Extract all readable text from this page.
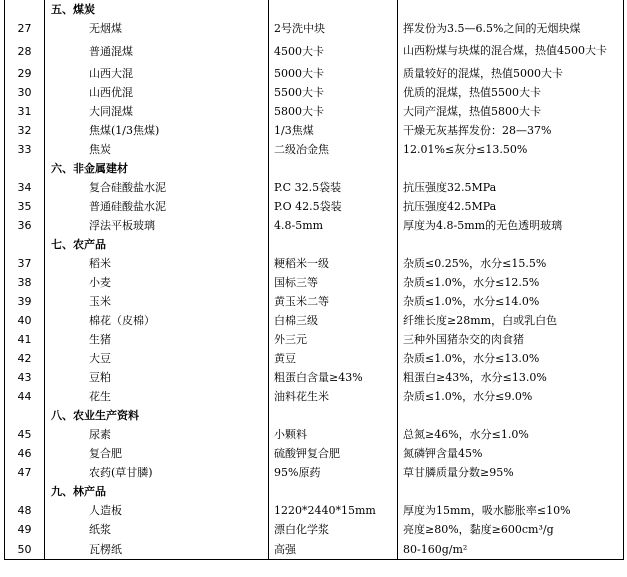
	五、煤炭		
27	无烟煤	2号洗中块	挥发份为3.5—6.5%之间的无烟块煤
28	普通混煤	4500大卡	山西粉煤与块煤的混合煤，热值4500大卡
29	山西大混	5000大卡	质量较好的混煤，热值5000大卡
30	山西优混	5500大卡	优质的混煤，热值5500大卡
31	大同混煤	5800大卡	大同产混煤，热值5800大卡
32	焦煤(1/3焦煤)	1/3焦煤	干燥无灰基挥发份：28—37%
33	焦炭	二级冶金焦	12.01%≤灰分≤13.50%
	六、非金属建材		
34	复合硅酸盐水泥	P.C 32.5袋装	抗压强度32.5MPa
35	普通硅酸盐水泥	P.O 42.5袋装	抗压强度42.5MPa
36	浮法平板玻璃	4.8-5mm	厚度为4.8-5mm的无色透明玻璃
	七、农产品		
37	稻米	粳稻米一级	杂质≤0.25%，水分≤15.5%
38	小麦	国标三等	杂质≤1.0%，水分≤12.5%
39	玉米	黄玉米二等	杂质≤1.0%，水分≤14.0%
40	棉花（皮棉）	白棉三级	纤维长度≥28mm，白或乳白色
41	生猪	外三元	三种外国猪杂交的肉食猪
42	大豆	黄豆	杂质≤1.0%，水分≤13.0%
43	豆粕	粗蛋白含量≥43%	粗蛋白≥43%，水分≤13.0%
44	花生	油料花生米	杂质≤1.0%，水分≤9.0%
	八、农业生产资料		
45	尿素	小颗料	总氮≥46%，水分≤1.0%
46	复合肥	硫酸钾复合肥	氮磷钾含量45%
47	农药(草甘膦)	95%原药	草甘膦质量分数≥95%
	九、林产品		
48	人造板	1220*2440*15mm	厚度为15mm，吸水膨胀率≤10%
49	纸浆	漂白化学浆	亮度≥80%，黏度≥600cm³/g
50	瓦楞纸	高强	80-160g/m²
